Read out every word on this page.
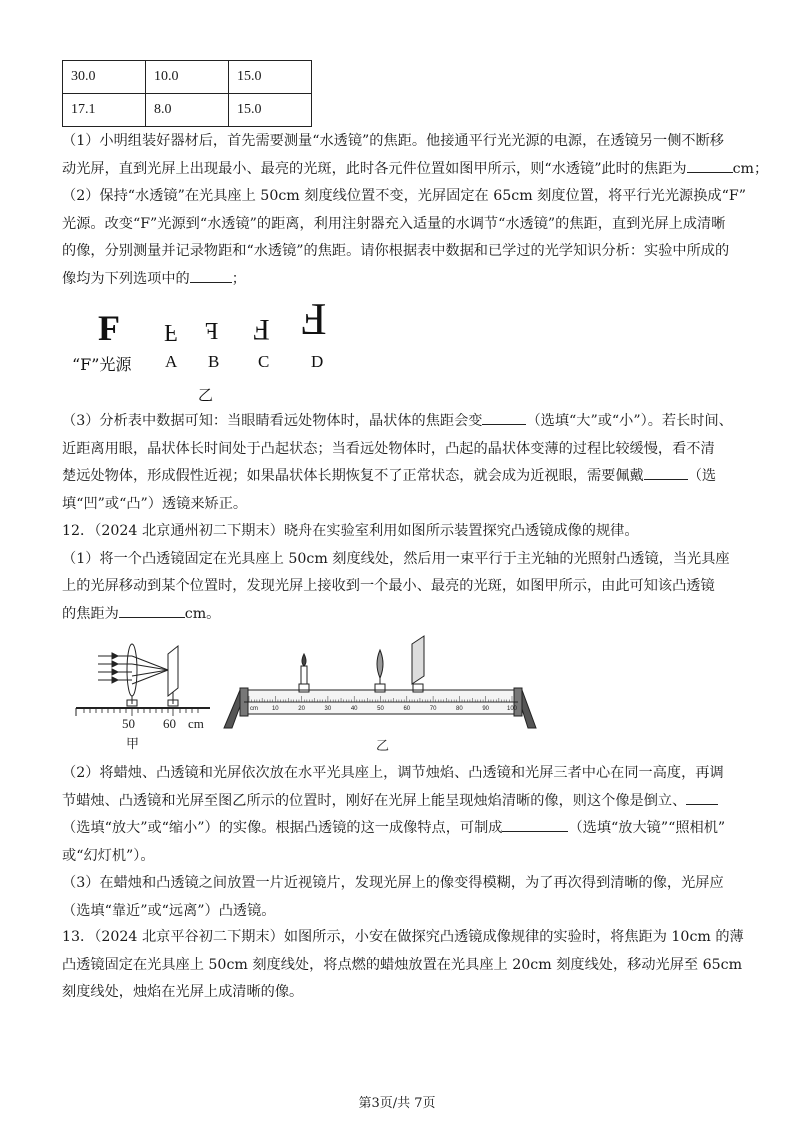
30.0	10.0	15.0
17.1	8.0	15.0
（1）小明组装好器材后，首先需要测量“水透镜”的焦距。他接通平行光光源的电源，在透镜另一侧不断移
动光屏，直到光屏上出现最小、最亮的光斑，此时各元件位置如图甲所示，则“水透镜”此时的焦距为	cm；
（2）保持“水透镜”在光具座上 50cm 刻度线位置不变，光屏固定在 65cm 刻度位置，将平行光光源换成“F”
光源。改变“F”光源到“水透镜”的距离，利用注射器充入适量的水调节“水透镜”的焦距，直到光屏上成清晰
的像，分别测量并记录物距和“水透镜”的焦距。请你根据表中数据和已学过的光学知识分析：实验中所成的
像均为下列选项中的	；
F F F F F
“F”光源 A B C D
乙
（3）分析表中数据可知：当眼睛看远处物体时，晶状体的焦距会变	（选填“大”或“小”）。若长时间、
近距离用眼，晶状体长时间处于凸起状态；当看远处物体时，凸起的晶状体变薄的过程比较缓慢，看不清
楚远处物体，形成假性近视；如果晶状体长期恢复不了正常状态，就会成为近视眼，需要佩戴	（选
填“凹”或“凸”）透镜来矫正。
12．（2024 北京通州初二下期末）晓舟在实验室利用如图所示装置探究凸透镜成像的规律。
（1）将一个凸透镜固定在光具座上 50cm 刻度线处，然后用一束平行于主光轴的光照射凸透镜，当光具座
上的光屏移动到某个位置时，发现光屏上接收到一个最小、最亮的光斑，如图甲所示，由此可知该凸透镜
的焦距为	cm。
50 60 cm
甲
10	20	30	40	50	60	70	80	90	100
cm
乙
（2）将蜡烛、凸透镜和光屏依次放在水平光具座上，调节烛焰、凸透镜和光屏三者中心在同一高度，再调
节蜡烛、凸透镜和光屏至图乙所示的位置时，刚好在光屏上能呈现烛焰清晰的像，则这个像是倒立、
（选填“放大”或“缩小”）的实像。根据凸透镜的这一成像特点，可制成	（选填“放大镜”“照相机”
或“幻灯机”）。
（3）在蜡烛和凸透镜之间放置一片近视镜片，发现光屏上的像变得模糊，为了再次得到清晰的像，光屏应
（选填“靠近”或“远离”）凸透镜。
13．（2024 北京平谷初二下期末）如图所示，小安在做探究凸透镜成像规律的实验时，将焦距为 10cm 的薄
凸透镜固定在光具座上 50cm 刻度线处，将点燃的蜡烛放置在光具座上 20cm 刻度线处，移动光屏至 65cm
刻度线处，烛焰在光屏上成清晰的像。
第3页/共 7页
